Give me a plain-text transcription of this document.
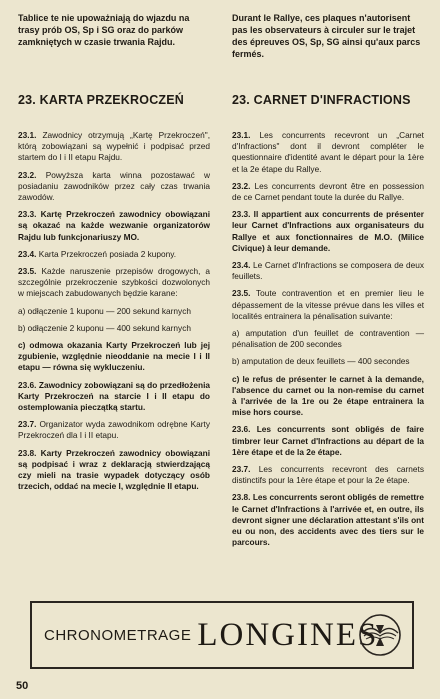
Tablice te nie upoważniają do wjazdu na trasy prób OS, Sp i SG oraz do parków zamkniętych w czasie trwania Rajdu.

Durant le Rallye, ces plaques n'autorisent pas les observateurs à circuler sur le trajet des épreuves OS, Sp, SG ainsi qu'aux parcs fermés.

23. KARTA PRZEKROCZEŃ	23. CARNET D'INFRACTIONS

23.1. Zawodnicy otrzymują „Kartę Przekroczeń", którą zobowiązani są wypełnić i podpisać przed startem do I i II etapu Rajdu.

23.2. Powyższa karta winna pozostawać w posiadaniu zawodników przez cały czas trwania zawodów.

23.3. Kartę Przekroczeń zawodnicy obowiązani są okazać na każde wezwanie organizatorów Rajdu lub funkcjonariuszy MO.

23.4. Karta Przekroczeń posiada 2 kupony.

23.5. Każde naruszenie przepisów drogowych, a szczególnie przekroczenie szybkości dozwolonych w miejscach zabudowanych będzie karane:

a) odłączenie 1 kuponu — 200 sekund karnych

b) odłączenie 2 kuponu — 400 sekund karnych

c) odmowa okazania Karty Przekroczeń lub jej zgubienie, względnie nieoddanie na mecie I i II etapu — równa się wykluczeniu.

23.6. Zawodnicy zobowiązani są do przedłożenia Karty Przekroczeń na starcie I i II etapu do ostemplowania pieczątką startu.

23.7. Organizator wyda zawodnikom odrębne Karty Przekroczeń dla I i II etapu.

23.8. Karty Przekroczeń zawodnicy obowiązani są podpisać i wraz z deklaracją stwierdzającą czy mieli na trasie wypadek dotyczący osób trzecich, oddać na mecie I, względnie II etapu.

23.1. Les concurrents recevront un „Carnet d'Infractions" dont il devront compléter le questionnaire d'identité avant le départ pour la 1ère et la 2e étape du Rallye.

23.2. Les concurrents devront être en possession de ce Carnet pendant toute la durée du Rallye.

23.3. Il appartient aux concurrents de présenter leur Carnet d'Infractions aux organisateurs du Rallye et aux fonctionnaires de M.O. (Milice Civique) à leur demande.

23.4. Le Carnet d'Infractions se composera de deux feuillets.

23.5. Toute contravention et en premier lieu le dépassement de la vitesse prévue dans les villes et localités entrainera la pénalisation suivante:

a) amputation d'un feuillet de contravention — pénalisation de 200 secondes

b) amputation de deux feuillets — 400 secondes

c) le refus de présenter le carnet à la demande, l'absence du carnet ou la non-remise du carnet à l'arrivée de la 1re ou 2e étape entrainera la mise hors course.

23.6. Les concurrents sont obligés de faire timbrer leur Carnet d'Infractions au départ de la 1ère étape et de la 2e étape.

23.7. Les concurrents recevront des carnets distinctifs pour la 1ère étape et pour la 2e étape.

23.8. Les concurrents seront obligés de remettre le Carnet d'Infractions à l'arrivée et, en outre, ils devront signer une déclaration attestant s'ils ont eu ou non, des accidents avec des tiers sur le parcours.

CHRONOMETRAGE LONGINES
50
